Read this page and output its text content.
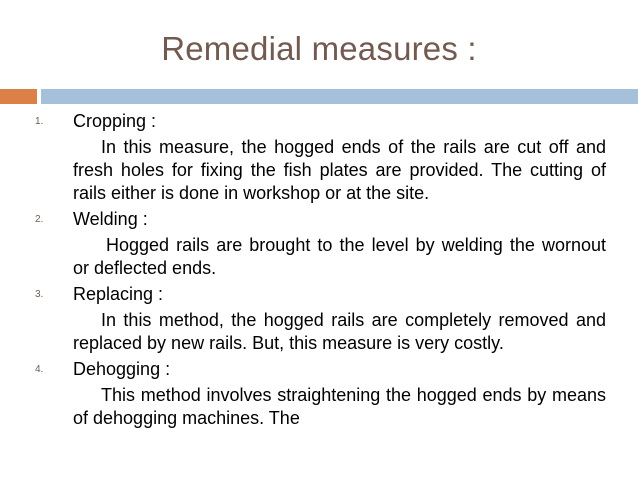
Remedial measures :
1. Cropping :
In this measure, the hogged ends of the rails are cut off and fresh holes for fixing the fish plates are provided. The cutting of rails either is done in workshop or at the site.
2. Welding :
Hogged rails are brought to the level by welding the wornout or deflected ends.
3. Replacing :
In this method, the hogged rails are completely removed and replaced by new rails. But, this measure is very costly.
4. Dehogging :
This method involves straightening the hogged ends by means of dehogging machines. The
